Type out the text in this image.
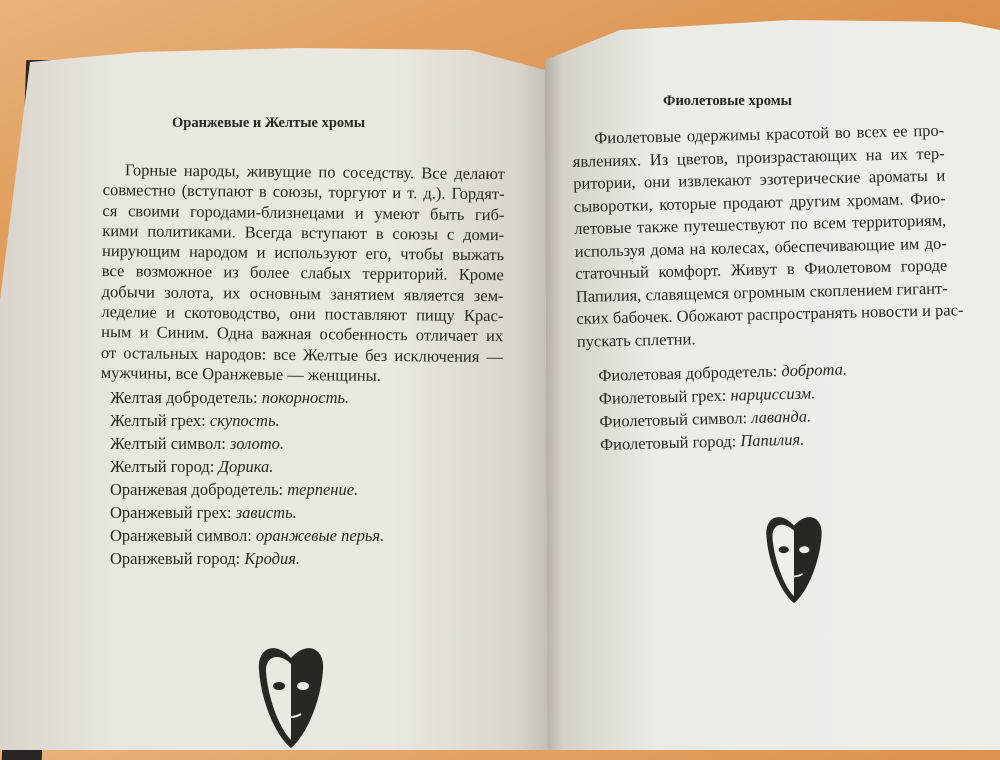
Оранжевые и Желтые хромы
Горные народы, живущие по соседству. Все делают
совместно (вступают в союзы, торгуют и т. д.). Гордят-
ся своими городами-близнецами и умеют быть гиб-
кими политиками. Всегда вступают в союзы с доми-
нирующим народом и используют его, чтобы выжать
все возможное из более слабых территорий. Кроме
добычи золота, их основным занятием является зем-
леделие и скотоводство, они поставляют пищу Крас-
ным и Синим. Одна важная особенность отличает их
от остальных народов: все Желтые без исключения —
мужчины, все Оранжевые — женщины.
Желтая добродетель: покорность.
Желтый грех: скупость.
Желтый символ: золото.
Желтый город: Дорика.
Оранжевая добродетель: терпение.
Оранжевый грех: зависть.
Оранжевый символ: оранжевые перья.
Оранжевый город: Кродия.
Фиолетовые хромы
Фиолетовые одержимы красотой во всех ее про-
явлениях. Из цветов, произрастающих на их тер-
ритории, они извлекают эзотерические ароматы и
сыворотки, которые продают другим хромам. Фио-
летовые также путешествуют по всем территориям,
используя дома на колесах, обеспечивающие им до-
статочный комфорт. Живут в Фиолетовом городе
Папилия, славящемся огромным скоплением гигант-
ских бабочек. Обожают распространять новости и рас-
пускать сплетни.
Фиолетовая добродетель: доброта.
Фиолетовый грех: нарциссизм.
Фиолетовый символ: лаванда.
Фиолетовый город: Папилия.
